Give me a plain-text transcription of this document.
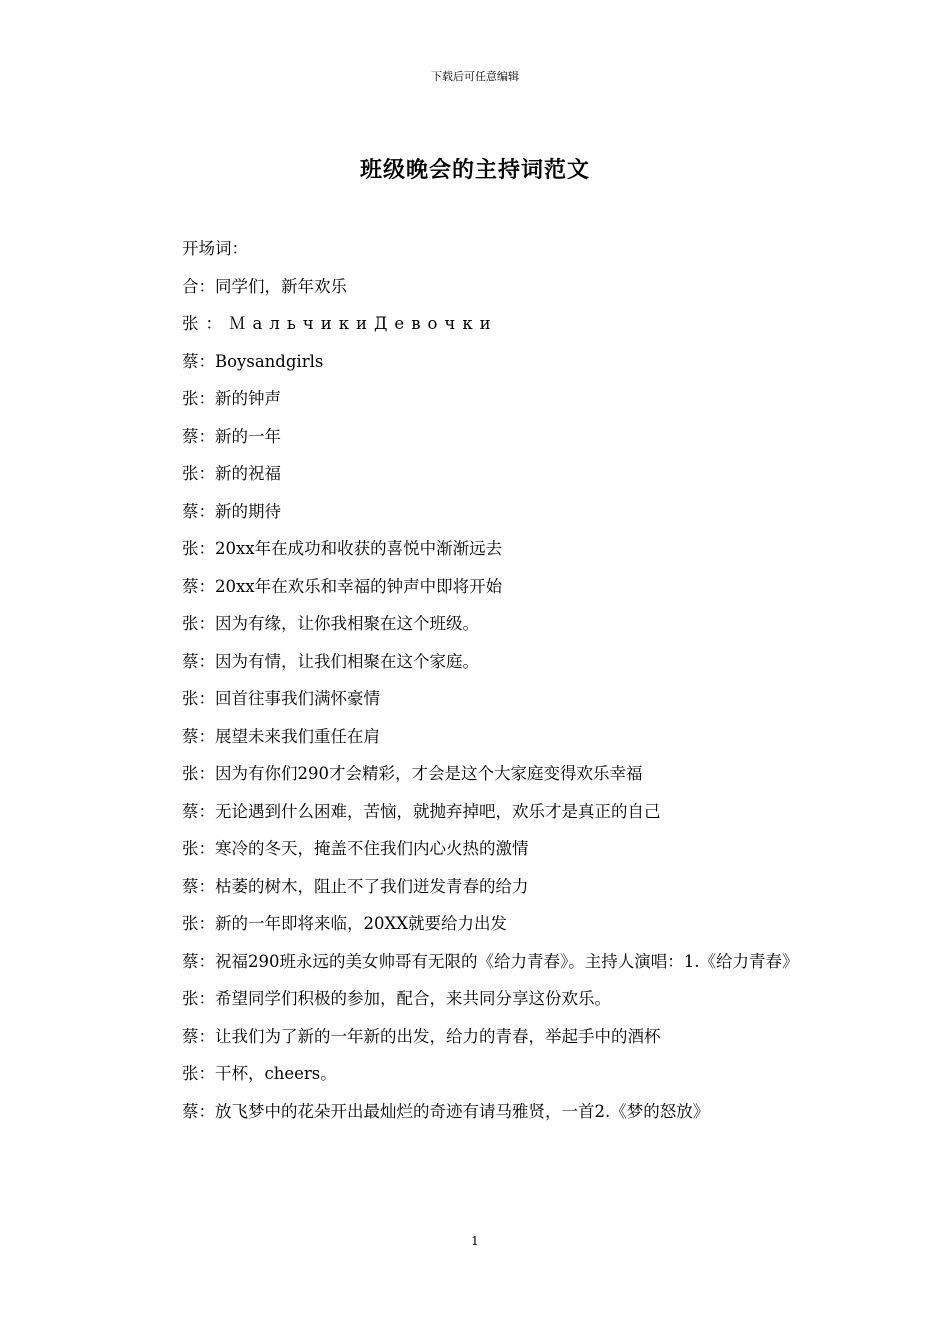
下载后可任意编辑
班级晚会的主持词范文
开场词：
合：同学们，新年欢乐
张：ＭальчикиДевочки
蔡：Boysandgirls
张：新的钟声
蔡：新的一年
张：新的祝福
蔡：新的期待
张：20xx年在成功和收获的喜悦中渐渐远去
蔡：20xx年在欢乐和幸福的钟声中即将开始
张：因为有缘，让你我相聚在这个班级。
蔡：因为有情，让我们相聚在这个家庭。
张：回首往事我们满怀豪情
蔡：展望未来我们重任在肩
张：因为有你们290才会精彩，才会是这个大家庭变得欢乐幸福
蔡：无论遇到什么困难，苦恼，就抛弃掉吧，欢乐才是真正的自己
张：寒冷的冬天，掩盖不住我们内心火热的激情
蔡：枯萎的树木，阻止不了我们迸发青春的给力
张：新的一年即将来临，20XX就要给力出发
蔡：祝福290班永远的美女帅哥有无限的《给力青春》。主持人演唱：1.《给力青春》
张：希望同学们积极的参加，配合，来共同分享这份欢乐。
蔡：让我们为了新的一年新的出发，给力的青春，举起手中的酒杯
张：干杯，cheers。
蔡：放飞梦中的花朵开出最灿烂的奇迹有请马雅贤，一首2.《梦的怒放》
1
